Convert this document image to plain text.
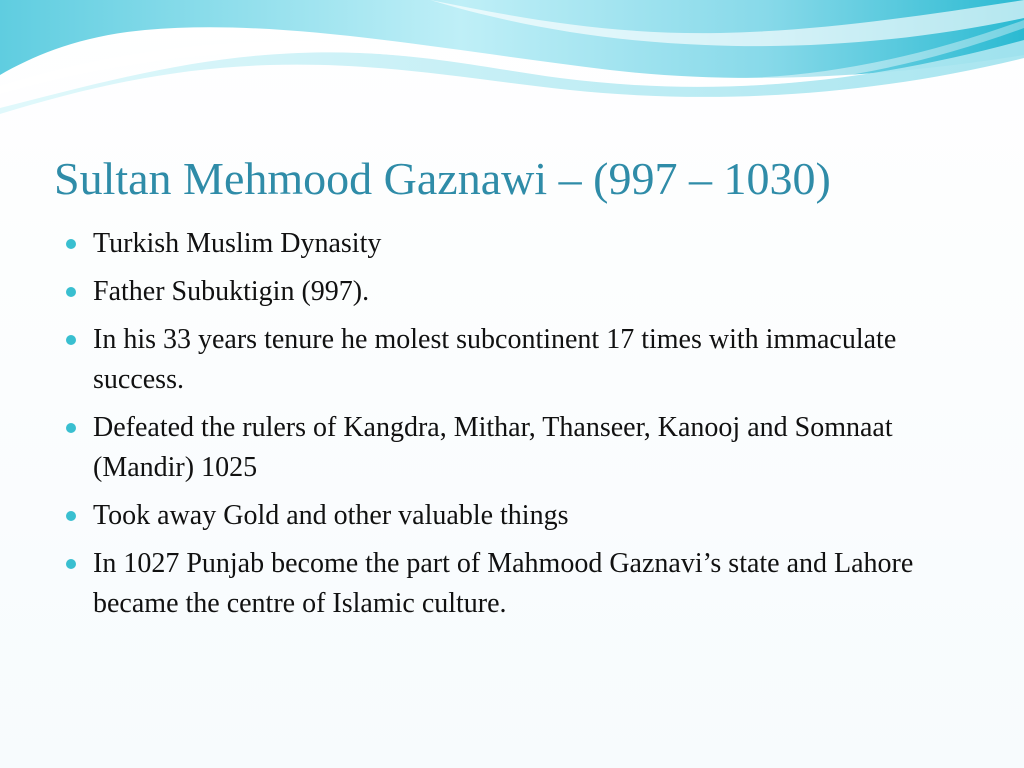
Sultan Mehmood Gaznawi – (997 – 1030)
Turkish Muslim Dynasity
Father Subuktigin (997).
In his 33 years tenure he molest subcontinent 17 times with immaculate success.
Defeated the rulers of Kangdra, Mithar, Thanseer, Kanooj and Somnaat (Mandir) 1025
Took away Gold and other valuable things
In 1027 Punjab become the part of Mahmood Gaznavi’s state and Lahore became the centre of Islamic culture.
